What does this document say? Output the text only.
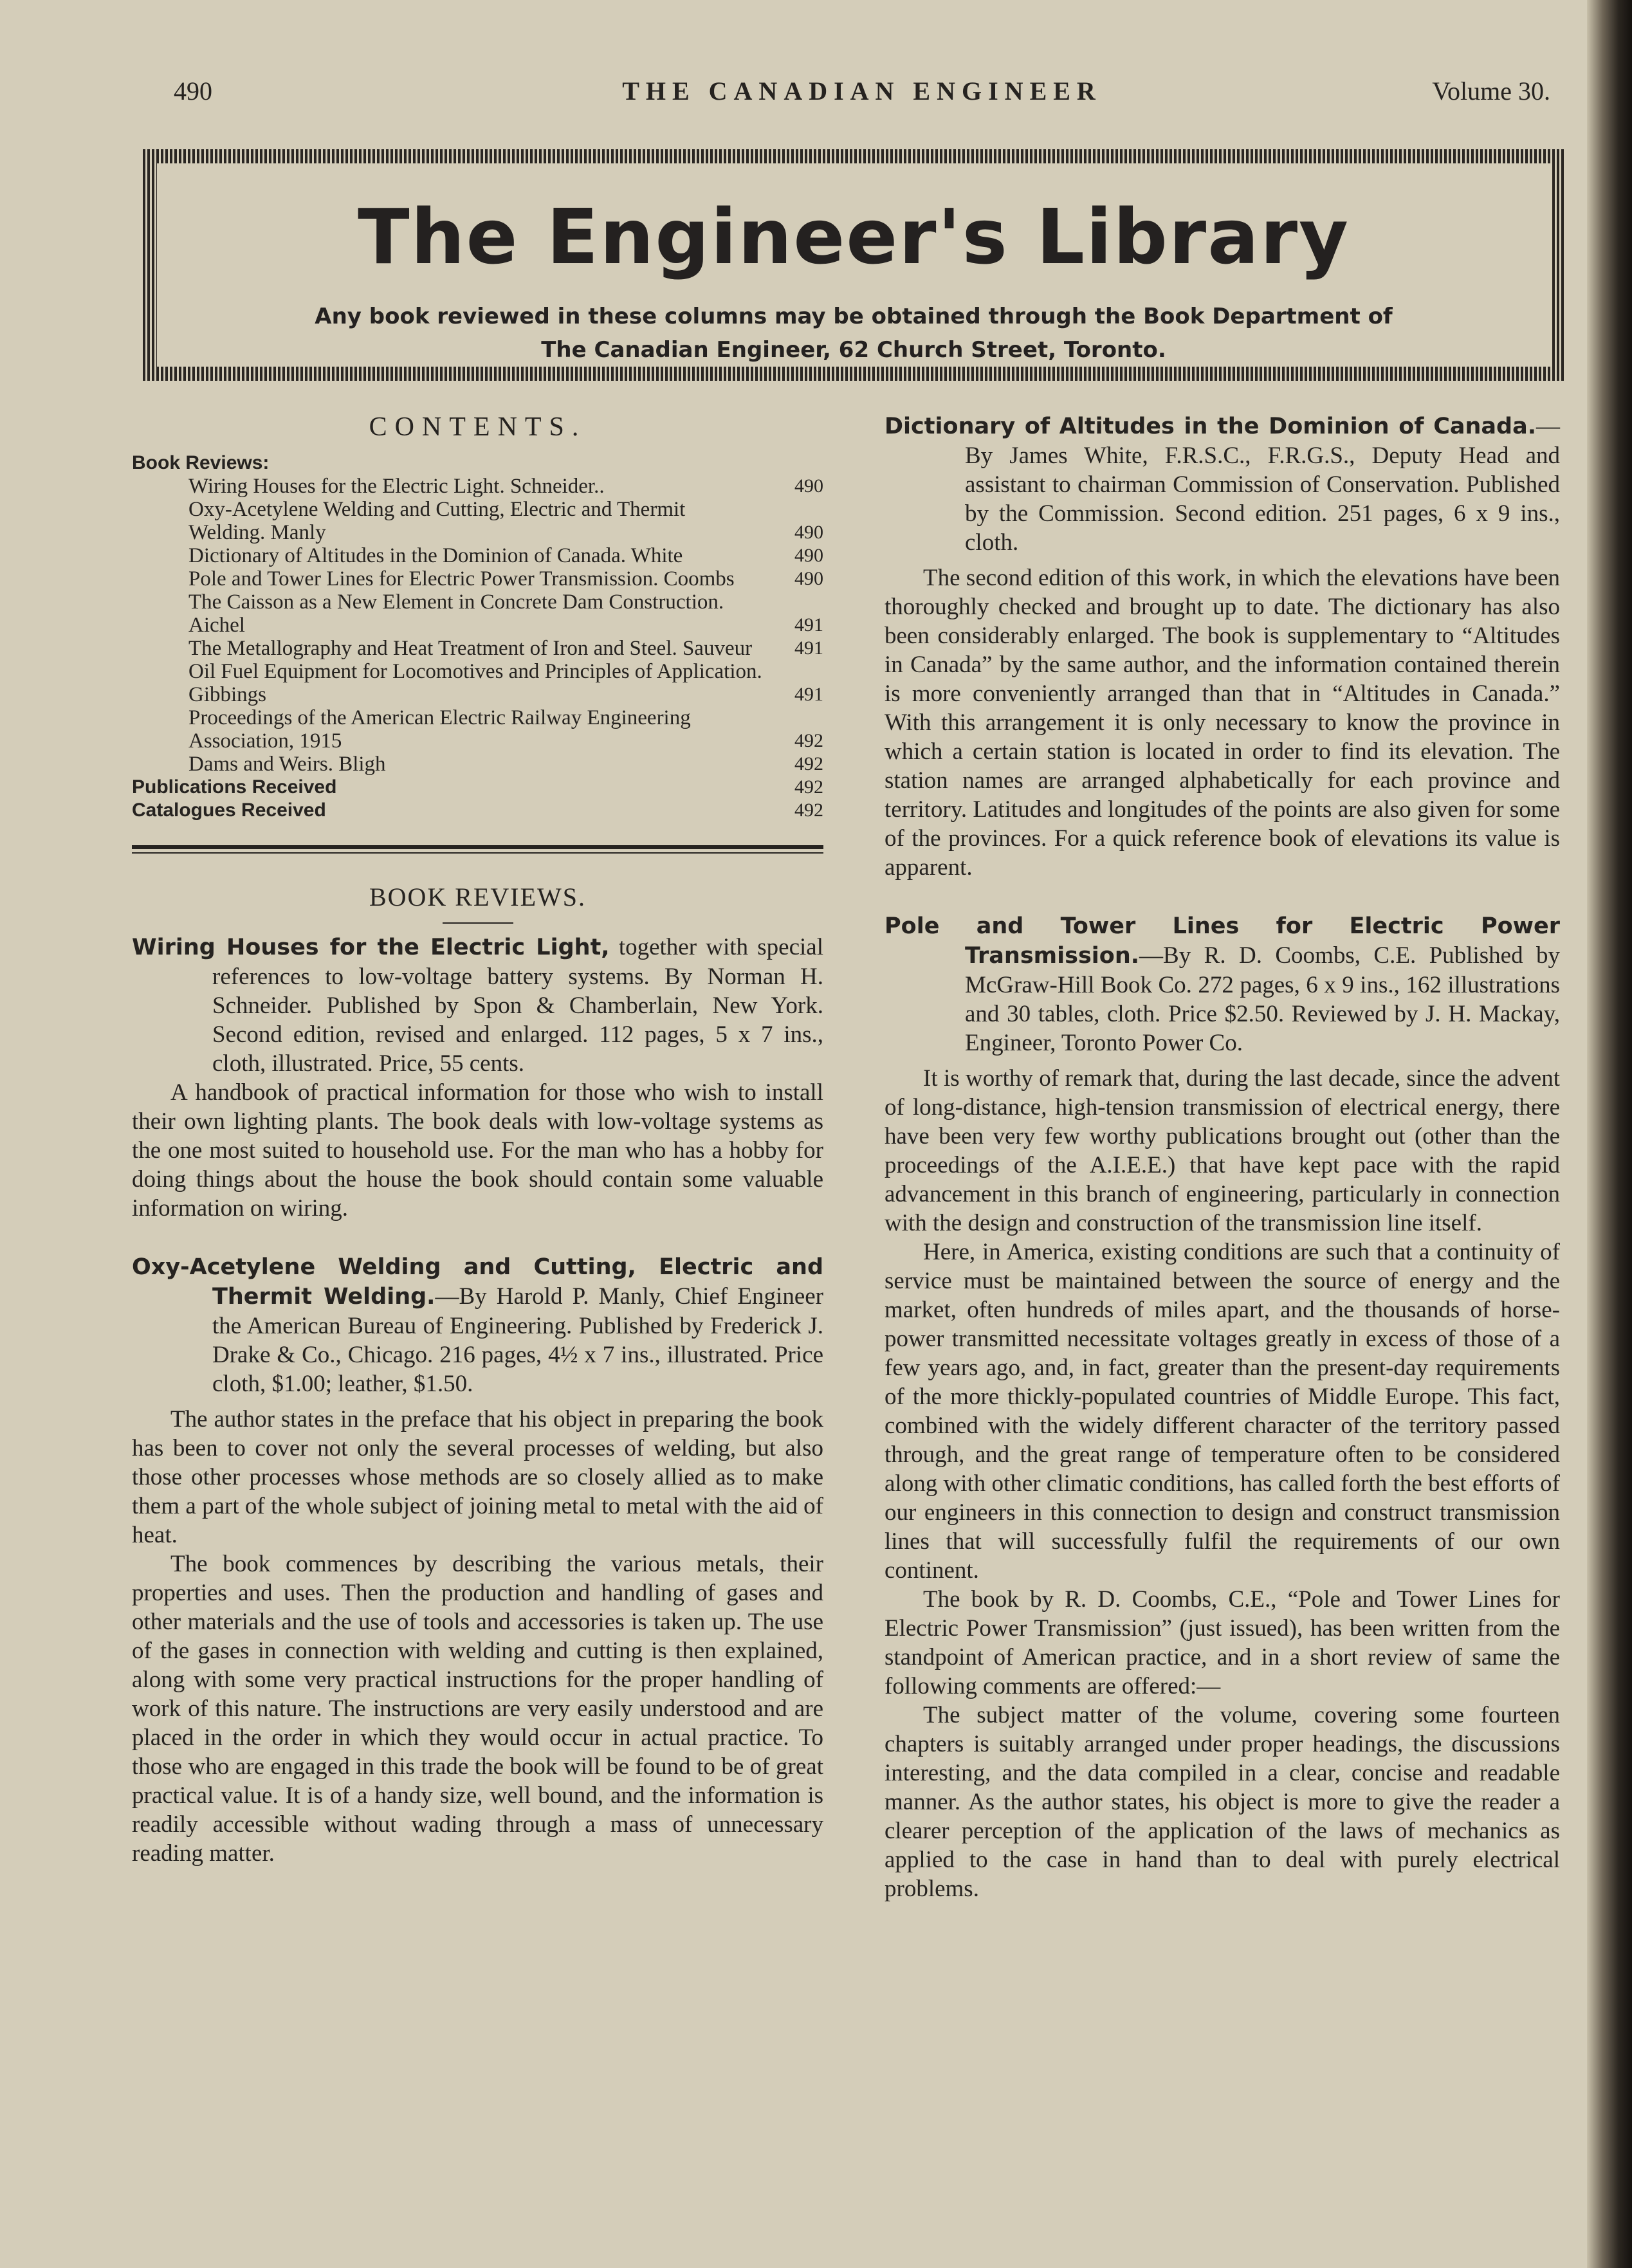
490	THE CANADIAN ENGINEER	Volume 30.
The Engineer's Library
Any book reviewed in these columns may be obtained through the Book Department of
The Canadian Engineer, 62 Church Street, Toronto.
CONTENTS.
Book Reviews:
Wiring Houses for the Electric Light. Schneider..	490
Oxy-Acetylene Welding and Cutting, Electric and Thermit Welding. Manly	490
Dictionary of Altitudes in the Dominion of Canada. White	490
Pole and Tower Lines for Electric Power Transmission. Coombs	490
The Caisson as a New Element in Concrete Dam Construction. Aichel	491
The Metallography and Heat Treatment of Iron and Steel. Sauveur	491
Oil Fuel Equipment for Locomotives and Principles of Application. Gibbings	491
Proceedings of the American Electric Railway Engineering Association, 1915	492
Dams and Weirs. Bligh	492
Publications Received	492
Catalogues Received	492
BOOK REVIEWS.

Wiring Houses for the Electric Light, together with special references to low-voltage battery systems. By Norman H. Schneider. Published by Spon & Chamberlain, New York. Second edition, revised and enlarged. 112 pages, 5 x 7 ins., cloth, illustrated. Price, 55 cents.

A handbook of practical information for those who wish to install their own lighting plants. The book deals with low-voltage systems as the one most suited to household use. For the man who has a hobby for doing things about the house the book should contain some valuable information on wiring.

Oxy-Acetylene Welding and Cutting, Electric and Thermit Welding.—By Harold P. Manly, Chief Engineer the American Bureau of Engineering. Published by Frederick J. Drake & Co., Chicago. 216 pages, 4½ x 7 ins., illustrated. Price cloth, $1.00; leather, $1.50.

The author states in the preface that his object in preparing the book has been to cover not only the several processes of welding, but also those other processes whose methods are so closely allied as to make them a part of the whole subject of joining metal to metal with the aid of heat.

The book commences by describing the various metals, their properties and uses. Then the production and handling of gases and other materials and the use of tools and accessories is taken up. The use of the gases in connection with welding and cutting is then explained, along with some very practical instructions for the proper handling of work of this nature. The instructions are very easily understood and are placed in the order in which they would occur in actual practice. To those who are engaged in this trade the book will be found to be of great practical value. It is of a handy size, well bound, and the information is readily accessible without wading through a mass of unnecessary reading matter.

Dictionary of Altitudes in the Dominion of Canada.—By James White, F.R.S.C., F.R.G.S., Deputy Head and assistant to chairman Commission of Conservation. Published by the Commission. Second edition. 251 pages, 6 x 9 ins., cloth.

The second edition of this work, in which the elevations have been thoroughly checked and brought up to date. The dictionary has also been considerably enlarged. The book is supplementary to “Altitudes in Canada” by the same author, and the information contained therein is more conveniently arranged than that in “Altitudes in Canada.” With this arrangement it is only necessary to know the province in which a certain station is located in order to find its elevation. The station names are arranged alphabetically for each province and territory. Latitudes and longitudes of the points are also given for some of the provinces. For a quick reference book of elevations its value is apparent.

Pole and Tower Lines for Electric Power Transmission.—By R. D. Coombs, C.E. Published by McGraw-Hill Book Co. 272 pages, 6 x 9 ins., 162 illustrations and 30 tables, cloth. Price $2.50. Reviewed by J. H. Mackay, Engineer, Toronto Power Co.

It is worthy of remark that, during the last decade, since the advent of long-distance, high-tension transmission of electrical energy, there have been very few worthy publications brought out (other than the proceedings of the A.I.E.E.) that have kept pace with the rapid advancement in this branch of engineering, particularly in connection with the design and construction of the transmission line itself.

Here, in America, existing conditions are such that a continuity of service must be maintained between the source of energy and the market, often hundreds of miles apart, and the thousands of horse-power transmitted necessitate voltages greatly in excess of those of a few years ago, and, in fact, greater than the present-day requirements of the more thickly-populated countries of Middle Europe. This fact, combined with the widely different character of the territory passed through, and the great range of temperature often to be considered along with other climatic conditions, has called forth the best efforts of our engineers in this connection to design and construct transmission lines that will successfully fulfil the requirements of our own continent.

The book by R. D. Coombs, C.E., “Pole and Tower Lines for Electric Power Transmission” (just issued), has been written from the standpoint of American practice, and in a short review of same the following comments are offered:—

The subject matter of the volume, covering some fourteen chapters is suitably arranged under proper headings, the discussions interesting, and the data compiled in a clear, concise and readable manner. As the author states, his object is more to give the reader a clearer perception of the application of the laws of mechanics as applied to the case in hand than to deal with purely electrical problems.
